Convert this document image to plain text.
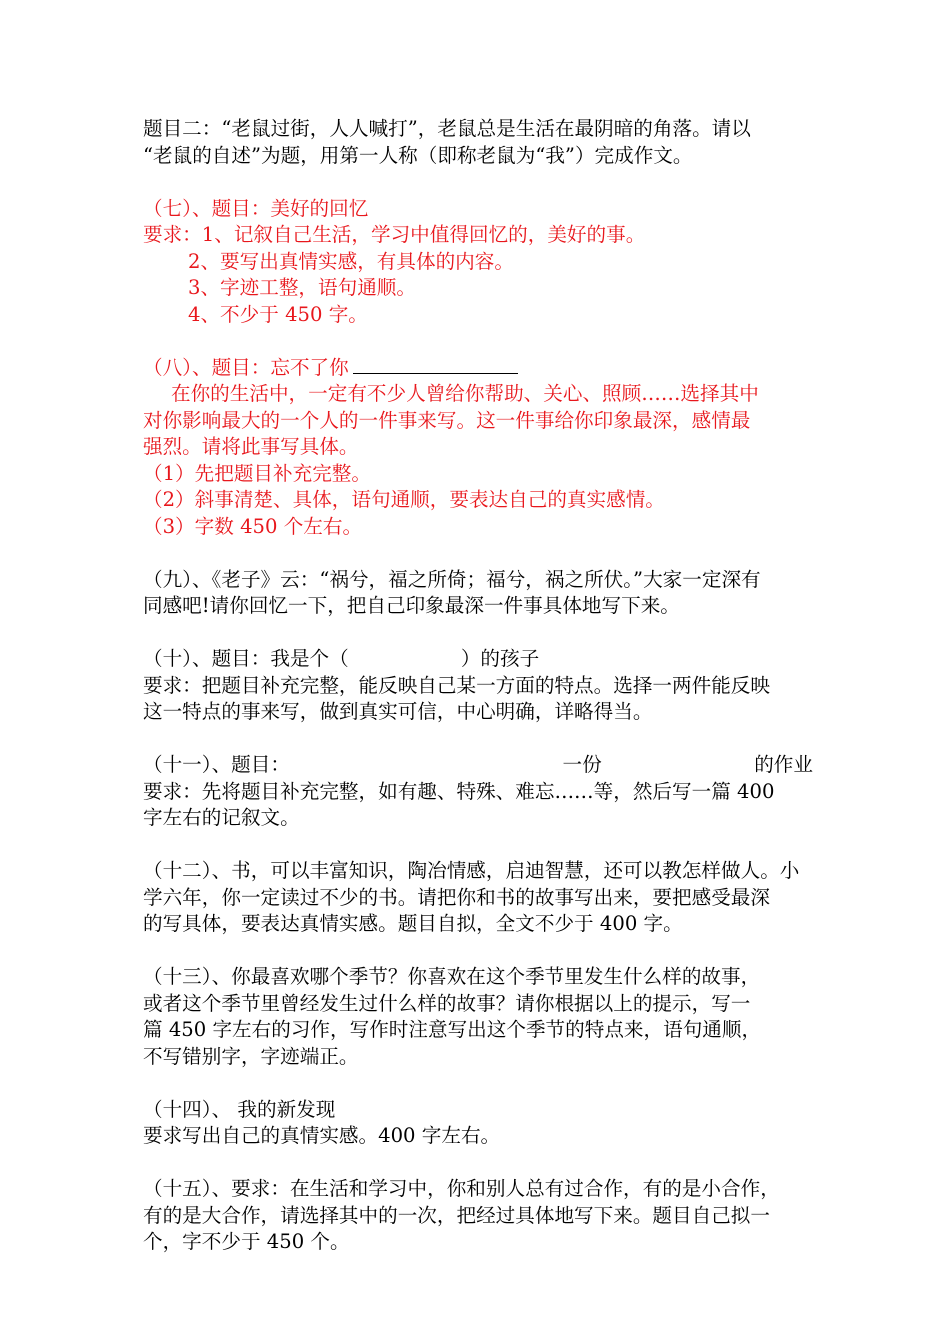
题目二：“老鼠过街，人人喊打”，老鼠总是生活在最阴暗的角落。请以
“老鼠的自述”为题，用第一人称（即称老鼠为“我”）完成作文。
（七）、题目：美好的回忆
要求：1、记叙自己生活，学习中值得回忆的，美好的事。
2、要写出真情实感，有具体的内容。
3、字迹工整，语句通顺。
4、不少于 450 字。
（八）、题目：忘不了你
在你的生活中，一定有不少人曾给你帮助、关心、照顾……选择其中
对你影响最大的一个人的一件事来写。这一件事给你印象最深，感情最
强烈。请将此事写具体。
（1）先把题目补充完整。
（2）斜事清楚、具体，语句通顺，要表达自己的真实感情。
（3）字数 450 个左右。
（九）、《老子》云：“祸兮，福之所倚；福兮，祸之所伏。”大家一定深有
同感吧!请你回忆一下，把自己印象最深一件事具体地写下来。
（十）、题目：我是个（                  ）的孩子
要求：把题目补充完整，能反映自己某一方面的特点。选择一两件能反映
这一特点的事来写，做到真实可信，中心明确，详略得当。
（十一）、题目：	一份	的作业
要求：先将题目补充完整，如有趣、特殊、难忘……等，然后写一篇 400
字左右的记叙文。
（十二）、书，可以丰富知识，陶冶情感，启迪智慧，还可以教怎样做人。小
学六年，你一定读过不少的书。请把你和书的故事写出来，要把感受最深
的写具体，要表达真情实感。题目自拟，全文不少于 400 字。
（十三）、你最喜欢哪个季节？你喜欢在这个季节里发生什么样的故事，
或者这个季节里曾经发生过什么样的故事？请你根据以上的提示，写一
篇 450 字左右的习作，写作时注意写出这个季节的特点来，语句通顺，
不写错别字，字迹端正。
（十四）、 我的新发现
要求写出自己的真情实感。400 字左右。
（十五）、要求：在生活和学习中，你和别人总有过合作，有的是小合作，
有的是大合作，请选择其中的一次，把经过具体地写下来。题目自己拟一
个，字不少于 450 个。
